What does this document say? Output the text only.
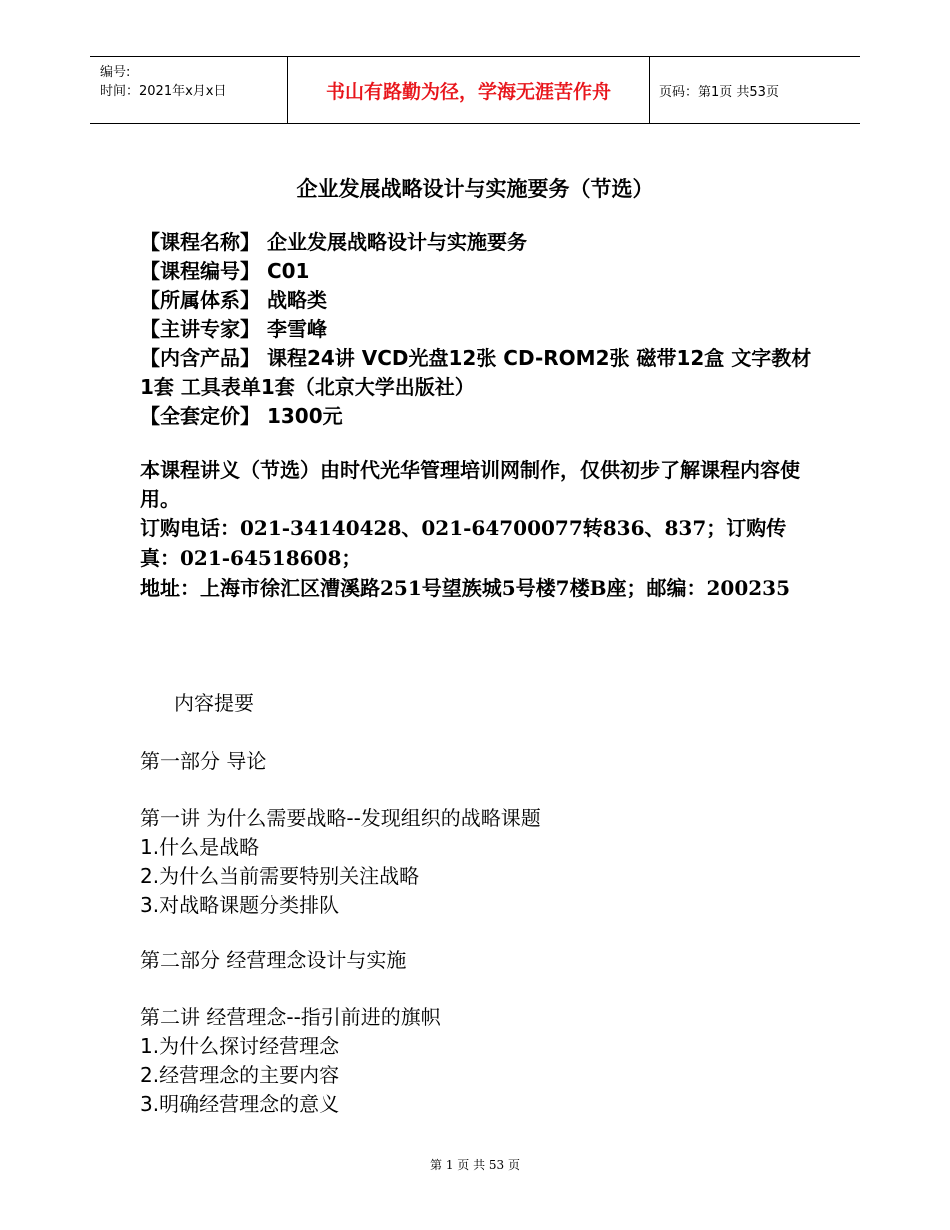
编号:
时间：2021年x月x日	书山有路勤为径，学海无涯苦作舟	页码：第1页 共53页
企业发展战略设计与实施要务（节选）
【课程名称】 企业发展战略设计与实施要务
【课程编号】 C01
【所属体系】 战略类
【主讲专家】 李雪峰
【内含产品】 课程24讲 VCD光盘12张 CD-ROM2张 磁带12盒 文字教材1套 工具表单1套（北京大学出版社）
【全套定价】 1300元
本课程讲义（节选）由时代光华管理培训网制作，仅供初步了解课程内容使用。
订购电话：021-34140428、021-64700077转836、837；订购传真：021-64518608；
地址：上海市徐汇区漕溪路251号望族城5号楼7楼B座；邮编：200235
内容提要
第一部分 导论
第一讲 为什么需要战略--发现组织的战略课题
1.什么是战略
2.为什么当前需要特别关注战略
3.对战略课题分类排队
第二部分 经营理念设计与实施
第二讲 经营理念--指引前进的旗帜
1.为什么探讨经营理念
2.经营理念的主要内容
3.明确经营理念的意义
第 1 页 共 53 页
